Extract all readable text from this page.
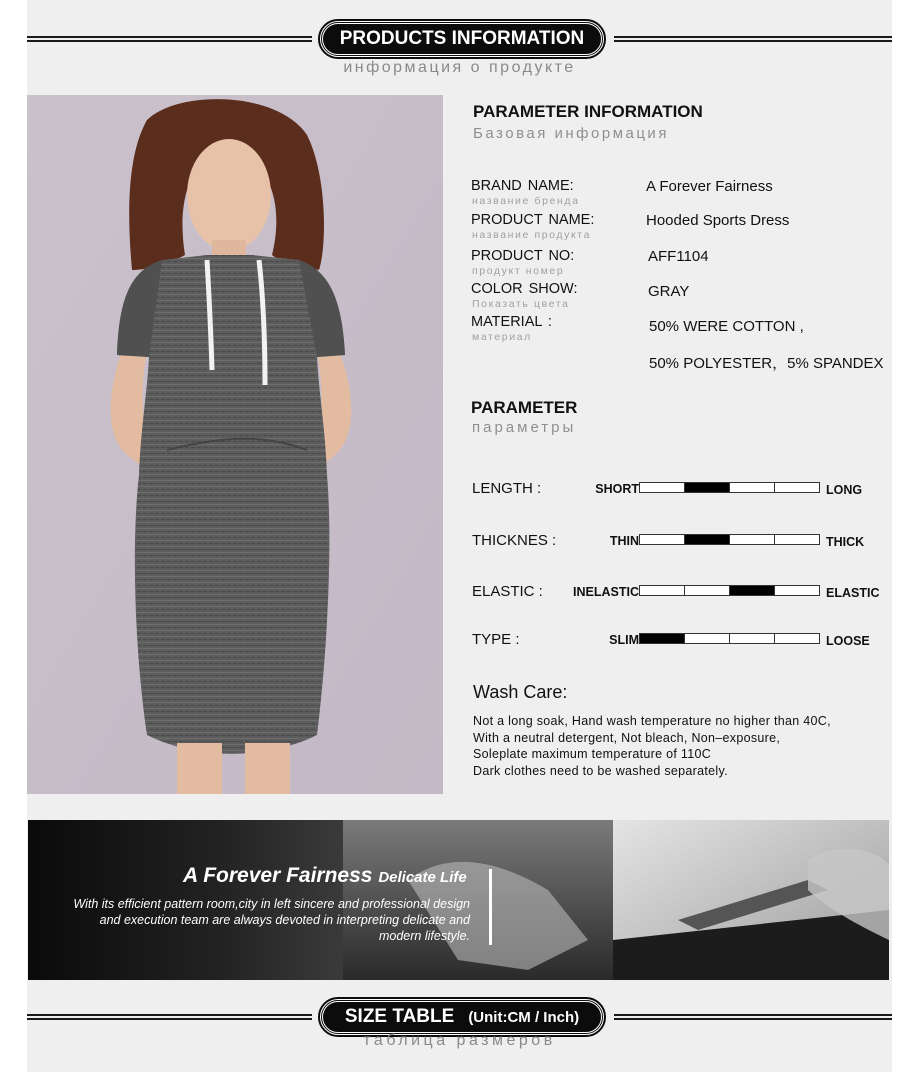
PRODUCTS INFORMATION
информация о продукте
PARAMETER INFORMATION
Базовая информация
BRAND NAME:
название бренда
A Forever Fairness
PRODUCT NAME:
название продукта
Hooded Sports Dress
PRODUCT NO:
продукт номер
AFF1104
COLOR SHOW:
Показать цвета
GRAY
MATERIAL :
материал
50% WERE COTTON ,
50% POLYESTER，5% SPANDEX
PARAMETER
параметры
LENGTH :	SHORT	LONG
THICKNES :	THIN	THICK
ELASTIC : INELASTIC	ELASTIC
TYPE :	SLIM	LOOSE
Wash Care:
Not a long soak, Hand wash temperature no higher than 40C,
With a neutral detergent, Not bleach, Non–exposure,
Soleplate maximum temperature of 110C
Dark clothes need to be washed separately.
A Forever Fairness Delicate Life
With its efficient pattern room,city in left sincere and professional design
and execution team are always devoted in interpreting delicate and
modern lifestyle.
SIZE TABLE (Unit:CM / Inch)
таблица размеров
